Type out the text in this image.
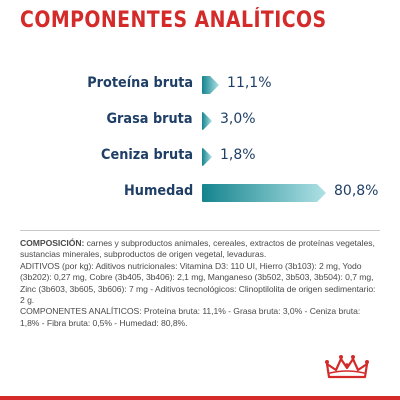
COMPONENTES ANALÍTICOS
Proteína bruta 11,1%
Grasa bruta 3,0%
Ceniza bruta 1,8%
Humedad	80,8%
COMPOSICIÓN: carnes y subproductos animales, cereales, extractos de proteínas vegetales, sustancias minerales, subproductos de origen vegetal, levaduras.
ADITIVOS (por kg): Aditivos nutricionales: Vitamina D3: 110 UI, Hierro (3b103): 2 mg, Yodo (3b202): 0,27 mg, Cobre (3b405, 3b406): 2,1 mg, Manganeso (3b502, 3b503, 3b504): 0,7 mg, Zinc (3b603, 3b605, 3b606): 7 mg - Aditivos tecnológicos: Clinoptilolita de origen sedimentario: 2 g.
COMPONENTES ANALÍTICOS: Proteína bruta: 11,1% - Grasa bruta: 3,0% - Ceniza bruta: 1,8% - Fibra bruta: 0,5% - Humedad: 80,8%.
